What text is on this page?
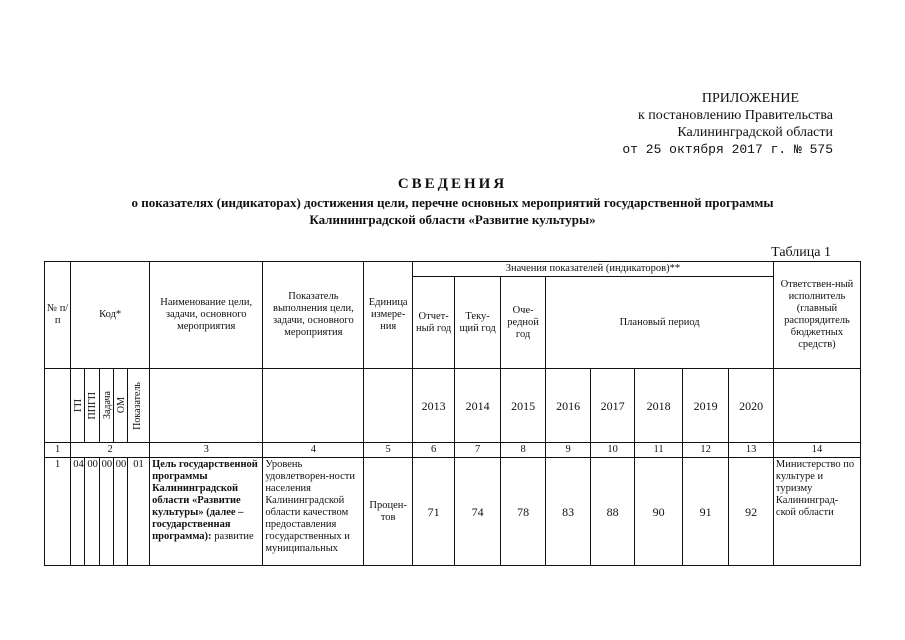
ПРИЛОЖЕНИЕ
к постановлению Правительства
Калининградской области
от 25 октября 2017 г. № 575
СВЕДЕНИЯ
о показателях (индикаторах) достижения цели, перечне основных мероприятий государственной программы
Калининградской области «Развитие культуры»
Таблица 1
№ п/п	Код*					Наименование цели, задачи, основного мероприятия	Показатель выполнения цели, задачи, основного мероприятия	Единица измере-ния	Значения показателей (индикаторов)**								Ответствен-ный исполнитель (главный распорядитель бюджетных средств)
									Отчет-ный год	Теку-щий год	Оче-редной год	Плановый период					

	ГП	ППГП	Задача	ОМ	Показатель				2013	2014	2015	2016	2017	2018	2019	2020	
1	2					3	4	5	6	7	8	9	10	11	12	13	14
1	04	00	00	00	01	Цель государственной программы Калининградской области «Развитие культуры» (далее – государственная программа): развитие	Уровень удовлетворен-ности населения Калининградской области качеством предоставления государственных и муниципальных	Процен-тов	71	74	78	83	88	90	91	92	Министерство по культуре и туризму Калининград-ской области
